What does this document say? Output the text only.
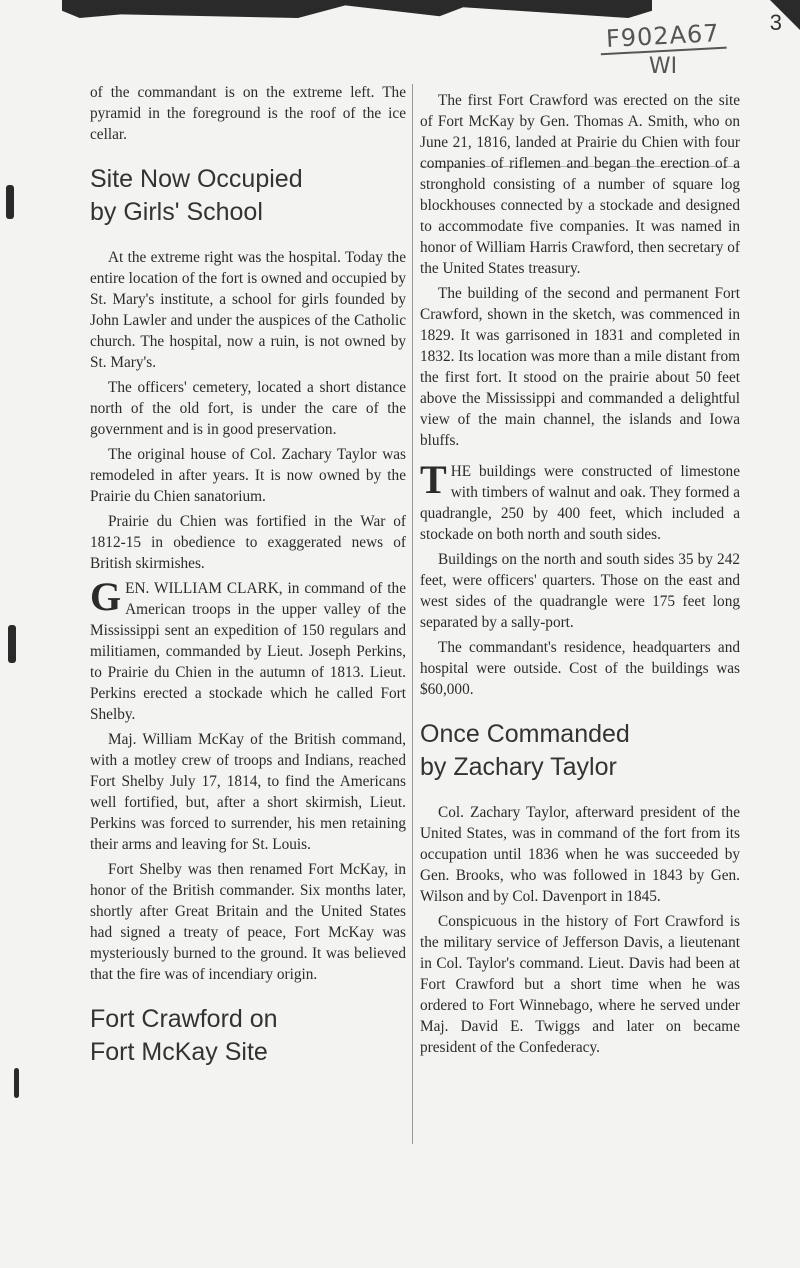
3
F902A67
WI

of the commandant is on the extreme left. The pyramid in the foreground is the roof of the ice cellar.

Site Now Occupied
by Girls' School

At the extreme right was the hospital. Today the entire location of the fort is owned and occupied by St. Mary's institute, a school for girls founded by John Lawler and under the auspices of the Catholic church. The hospital, now a ruin, is not owned by St. Mary's.

The officers' cemetery, located a short distance north of the old fort, is under the care of the government and is in good preservation.

The original house of Col. Zachary Taylor was remodeled in after years. It is now owned by the Prairie du Chien sanatorium.

Prairie du Chien was fortified in the War of 1812-15 in obedience to exaggerated news of British skirmishes.

GEN. WILLIAM CLARK, in command of the American troops in the upper valley of the Mississippi sent an expedition of 150 regulars and militiamen, commanded by Lieut. Joseph Perkins, to Prairie du Chien in the autumn of 1813. Lieut. Perkins erected a stockade which he called Fort Shelby.

Maj. William McKay of the British command, with a motley crew of troops and Indians, reached Fort Shelby July 17, 1814, to find the Americans well fortified, but, after a short skirmish, Lieut. Perkins was forced to surrender, his men retaining their arms and leaving for St. Louis.

Fort Shelby was then renamed Fort McKay, in honor of the British commander. Six months later, shortly after Great Britain and the United States had signed a treaty of peace, Fort McKay was mysteriously burned to the ground. It was believed that the fire was of incendiary origin.

Fort Crawford on
Fort McKay Site

The first Fort Crawford was erected on the site of Fort McKay by Gen. Thomas A. Smith, who on June 21, 1816, landed at Prairie du Chien with four companies of riflemen and began the erection of a stronghold consisting of a number of square log blockhouses connected by a stockade and designed to accommodate five companies. It was named in honor of William Harris Crawford, then secretary of the United States treasury.

The building of the second and permanent Fort Crawford, shown in the sketch, was commenced in 1829. It was garrisoned in 1831 and completed in 1832. Its location was more than a mile distant from the first fort. It stood on the prairie about 50 feet above the Mississippi and commanded a delightful view of the main channel, the islands and Iowa bluffs.

THE buildings were constructed of limestone with timbers of walnut and oak. They formed a quadrangle, 250 by 400 feet, which included a stockade on both north and south sides.

Buildings on the north and south sides 35 by 242 feet, were officers' quarters. Those on the east and west sides of the quadrangle were 175 feet long separated by a sally-port.

The commandant's residence, headquarters and hospital were outside. Cost of the buildings was $60,000.

Once Commanded
by Zachary Taylor

Col. Zachary Taylor, afterward president of the United States, was in command of the fort from its occupation until 1836 when he was succeeded by Gen. Brooks, who was followed in 1843 by Gen. Wilson and by Col. Davenport in 1845.

Conspicuous in the history of Fort Crawford is the military service of Jefferson Davis, a lieutenant in Col. Taylor's command. Lieut. Davis had been at Fort Crawford but a short time when he was ordered to Fort Winnebago, where he served under Maj. David E. Twiggs and later on became president of the Confederacy.
